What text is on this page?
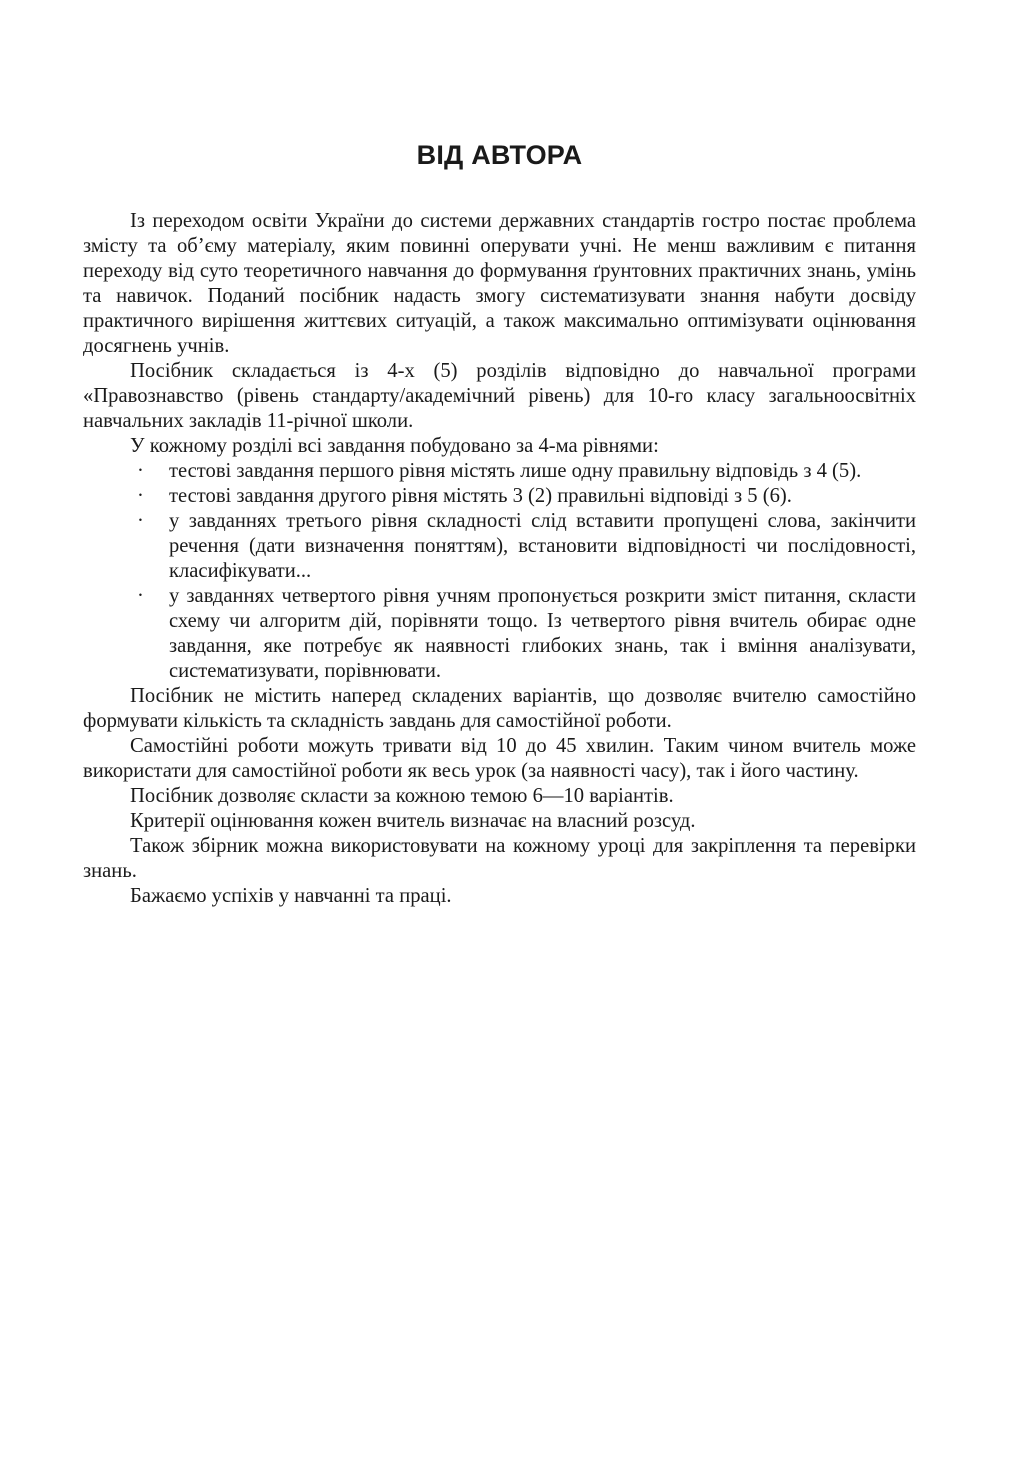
ВІД АВТОРА

Із переходом освіти України до системи державних стандартів гостро постає проблема змісту та об’єму матеріалу, яким повинні оперувати учні. Не менш важливим є питання переходу від суто теоретичного навчання до формування ґрунтовних практичних знань, умінь та навичок. Поданий посібник надасть змогу систематизувати знання набути досвіду практичного вирішення життєвих ситуацій, а також максимально оптимізувати оцінювання досягнень учнів.

Посібник складається із 4-х (5) розділів відповідно до навчальної програми «Правознавство (рівень стандарту/академічний рівень) для 10-го класу загальноосвітніх навчальних закладів 11-річної школи.

У кожному розділі всі завдання побудовано за 4-ма рівнями:

· тестові завдання першого рівня містять лише одну правильну відповідь з 4 (5).
· тестові завдання другого рівня містять 3 (2) правильні відповіді з 5 (6).
· у завданнях третього рівня складності слід вставити пропущені слова, закінчити речення (дати визначення поняттям), встановити відповідності чи послідовності, класифікувати...
· у завданнях четвертого рівня учням пропонується розкрити зміст питання, скласти схему чи алгоритм дій, порівняти тощо. Із четвертого рівня вчитель обирає одне завдання, яке потребує як наявності глибоких знань, так і вміння аналізувати, систематизувати, порівнювати.

Посібник не містить наперед складених варіантів, що дозволяє вчителю самостійно формувати кількість та складність завдань для самостійної роботи.

Самостійні роботи можуть тривати від 10 до 45 хвилин. Таким чином вчитель може використати для самостійної роботи як весь урок (за наявності часу), так і його частину.

Посібник дозволяє скласти за кожною темою 6—10 варіантів.

Критерії оцінювання кожен вчитель визначає на власний розсуд.

Також збірник можна використовувати на кожному уроці для закріплення та перевірки знань.

Бажаємо успіхів у навчанні та праці.
